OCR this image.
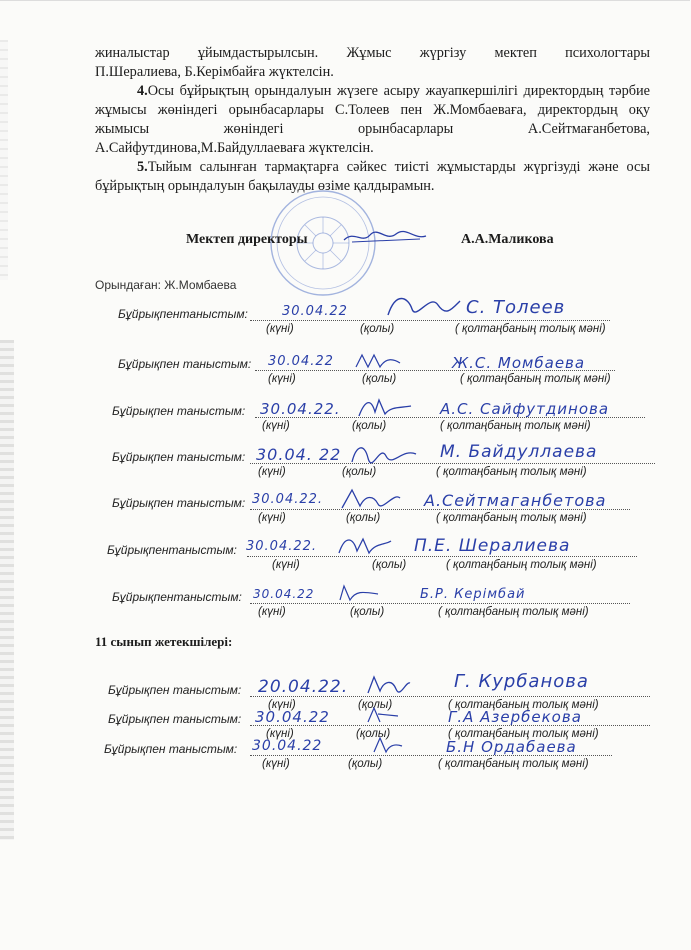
жиналыстар ұйымдастырылсын. Жұмыс жүргізу мектеп психологтары

П.Шералиева, Б.Керімбайға жүктелсін.

4.Осы бұйрықтың орындалуын жүзеге асыру жауапкершілігі директордың тәрбие жұмысы жөніндегі орынбасарлары С.Толеев пен Ж.Момбаеваға, директордың оқу жымысы жөніндегі орынбасарлары А.Сейтмағанбетова, А.Сайфутдинова,М.Байдуллаеваға жүктелсін.

5.Тыйым салынған тармақтарға сәйкес тиісті жұмыстарды жүргізуді және осы бұйрықтың орындалуын бақылауды өзіме қалдырамын.

Мектеп директоры	А.А.Маликова
Орындаған: Ж.Момбаева
Бұйрықпентаныстым:	30.04.22	С. Толеев
(күні)	(қолы)	( қолтаңбаның толық мәні)
Бұйрықпен таныстым: 30.04.22	Ж.С. Момбаева
(күні)	(қолы)	( қолтаңбаның толық мәні)
Бұйрықпен таныстым: 30.04.22.	А.С. Сайфутдинова
(күні)	(қолы)	( қолтаңбаның толық мәні)
Бұйрықпен таныстым: 30.04. 22	М. Байдуллаева
(күні)	(қолы)	( қолтаңбаның толық мәні)
Бұйрықпен таныстым: 30.04.22.	А.Сейтмаганбетова
(күні)	(қолы)	( қолтаңбаның толық мәні)
Бұйрықпентаныстым: 30.04.22.	П.Е. Шералиева
(күні)	(қолы)	( қолтаңбаның толық мәні)
Бұйрықпентаныстым: 30.04.22	Б.Р. Керімбай
(күні)	(қолы)	( қолтаңбаның толық мәні)
11 сынып жетекшілері:
Бұйрықпен таныстым: 20.04.22.	Г. Курбанова
(күні)	(қолы)	( қолтаңбаның толық мәні)
Бұйрықпен таныстым: 30.04.22	Г.А Азербекова
(күні)	(қолы)	( қолтаңбаның толық мәні)
Бұйрықпен таныстым: 30.04.22	Б.Н Ордабаева
(күні)	(қолы)	( қолтаңбаның толық мәні)
